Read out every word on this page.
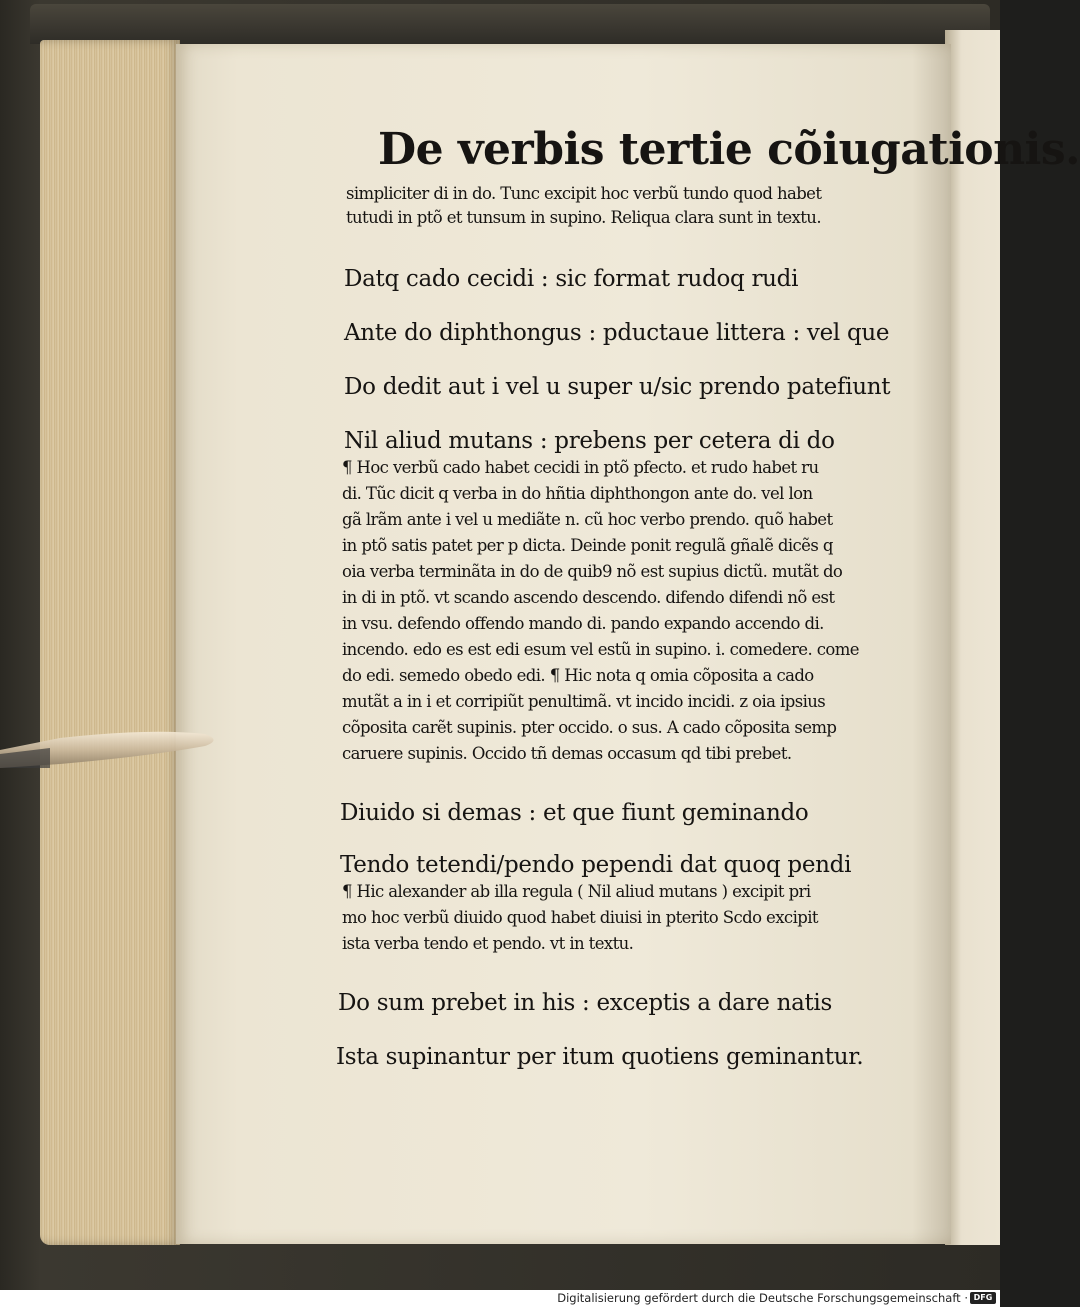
De verbis tertie cõiugationis.
simpliciter di in do. Tunc excipit hoc verbũ tundo quod habet
tutudi in ptõ et tunsum in supino. Reliqua clara sunt in textu.
Datq cado cecidi : sic format rudoq rudi
Ante do diphthongus : pductaue littera : vel que
Do dedit aut i vel u super u/sic prendo patefiunt
Nil aliud mutans : prebens per cetera di do
¶ Hoc verbũ cado habet cecidi in ptõ pfecto. et rudo habet ru
di. Tũc dicit q verba in do hñtia diphthongon ante do. vel lon
gã lrãm ante i vel u mediãte n. cũ hoc verbo prendo. quõ habet
in ptõ satis patet per p dicta. Deinde ponit regulã gñalẽ dicẽs q
oia verba terminãta in do de quib9 nõ est supius dictũ. mutãt do
in di in ptõ. vt scando ascendo descendo. difendo difendi nõ est
in vsu. defendo offendo mando di. pando expando accendo di.
incendo. edo es est edi esum vel estũ in supino. i. comedere. come
do edi. semedo obedo edi. ¶ Hic nota q omia cõposita a cado
mutãt a in i et corripiũt penultimã. vt incido incidi. z oia ipsius
cõposita carẽt supinis. pter occido. o sus. A cado cõposita semp
caruere supinis. Occido tñ demas occasum qd tibi prebet.
Diuido si demas : et que fiunt geminando
Tendo tetendi/pendo pependi dat quoq pendi
¶ Hic alexander ab illa regula ( Nil aliud mutans ) excipit pri
mo hoc verbũ diuido quod habet diuisi in pterito Scdo excipit
ista verba tendo et pendo. vt in textu.
Do sum prebet in his : exceptis a dare natis
Ista supinantur per itum quotiens geminantur.
Digitalisierung gefördert durch die Deutsche Forschungsgemeinschaft · DFG
